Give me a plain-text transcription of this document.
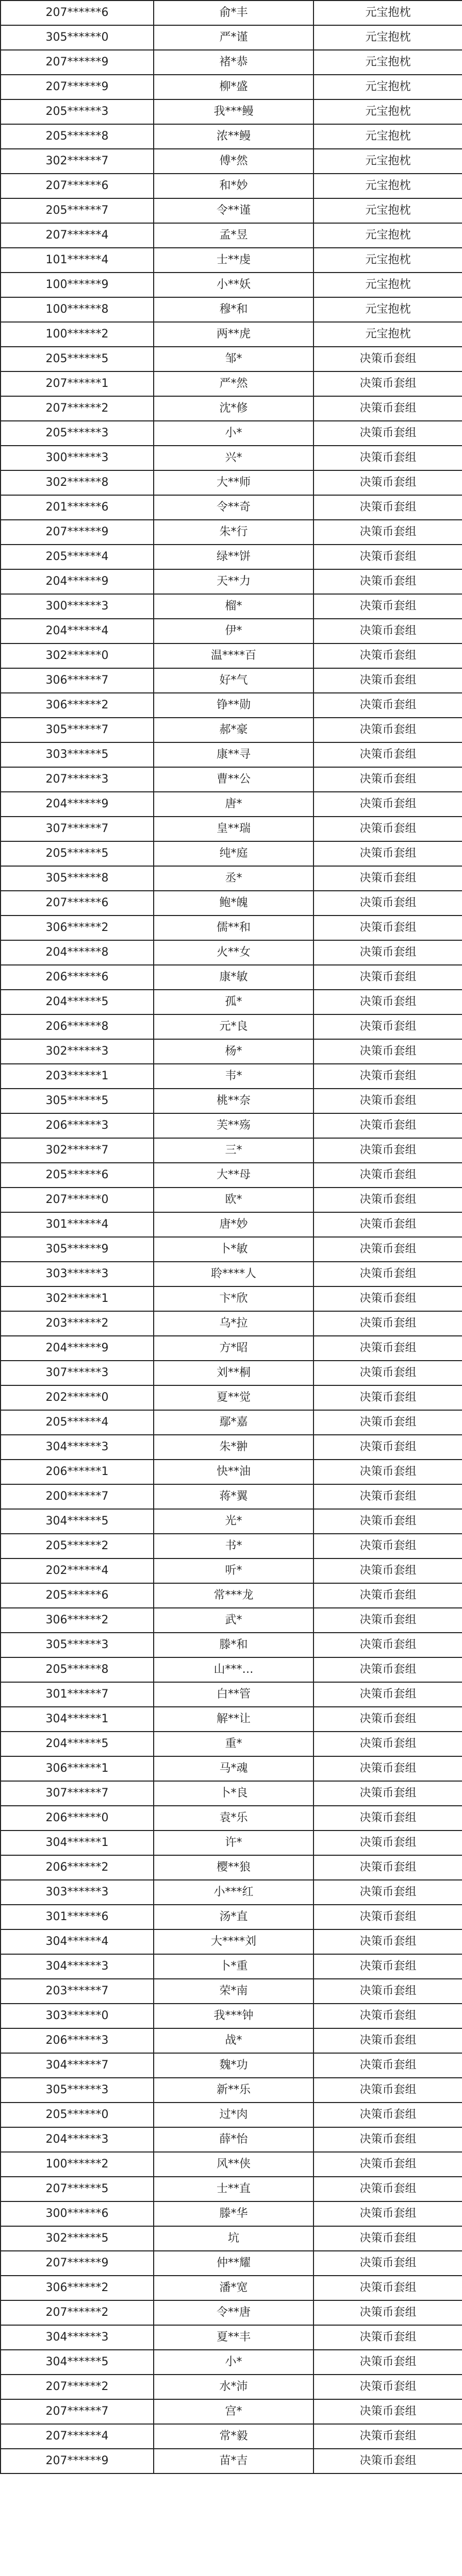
207******6	俞*丰	元宝抱枕
305******0	严*谨	元宝抱枕
207******9	褚*恭	元宝抱枕
207******9	柳*盛	元宝抱枕
205******3	我***鳗	元宝抱枕
205******8	浓**鳗	元宝抱枕
302******7	傅*然	元宝抱枕
207******6	和*妙	元宝抱枕
205******7	令**谨	元宝抱枕
207******4	孟*昱	元宝抱枕
101******4	士**虔	元宝抱枕
100******9	小**妖	元宝抱枕
100******8	穆*和	元宝抱枕
100******2	两**虎	元宝抱枕
205******5	邹*	决策币套组
207******1	严*然	决策币套组
207******2	沈*修	决策币套组
205******3	小*	决策币套组
300******3	兴*	决策币套组
302******8	大**师	决策币套组
201******6	令**奇	决策币套组
207******9	朱*行	决策币套组
205******4	绿**饼	决策币套组
204******9	天**力	决策币套组
300******3	榴*	决策币套组
204******4	伊*	决策币套组
302******0	温****百	决策币套组
306******7	好*气	决策币套组
306******2	铮**勋	决策币套组
305******7	郝*豪	决策币套组
303******5	康**寻	决策币套组
207******3	曹**公	决策币套组
204******9	唐*	决策币套组
307******7	皇**瑞	决策币套组
205******5	纯*庭	决策币套组
305******8	丞*	决策币套组
207******6	鲍*魄	决策币套组
306******2	儒**和	决策币套组
204******8	火**女	决策币套组
206******6	康*敏	决策币套组
204******5	孤*	决策币套组
206******8	元*良	决策币套组
302******3	杨*	决策币套组
203******1	韦*	决策币套组
305******5	桃**奈	决策币套组
206******3	芙**殇	决策币套组
302******7	三*	决策币套组
205******6	大**母	决策币套组
207******0	欧*	决策币套组
301******4	唐*妙	决策币套组
305******9	卜*敏	决策币套组
303******3	聆****人	决策币套组
302******1	卞*欣	决策币套组
203******2	乌*拉	决策币套组
204******9	方*昭	决策币套组
307******3	刘**桐	决策币套组
202******0	夏**觉	决策币套组
205******4	鄢*嘉	决策币套组
304******3	朱*翀	决策币套组
206******1	快**油	决策币套组
200******7	蒋*翼	决策币套组
304******5	光*	决策币套组
205******2	书*	决策币套组
202******4	听*	决策币套组
205******6	常***龙	决策币套组
306******2	武*	决策币套组
305******3	滕*和	决策币套组
205******8	山***…	决策币套组
301******7	白**管	决策币套组
304******1	解**让	决策币套组
204******5	重*	决策币套组
306******1	马*魂	决策币套组
307******7	卜*良	决策币套组
206******0	袁*乐	决策币套组
304******1	许*	决策币套组
206******2	樱**狼	决策币套组
303******3	小***红	决策币套组
301******6	汤*直	决策币套组
304******4	大****刘	决策币套组
304******3	卜*重	决策币套组
203******7	荣*南	决策币套组
303******0	我***钟	决策币套组
206******3	战*	决策币套组
304******7	魏*功	决策币套组
305******3	新**乐	决策币套组
205******0	过*肉	决策币套组
204******3	薛*怡	决策币套组
100******2	风**侠	决策币套组
207******5	士**直	决策币套组
300******6	滕*华	决策币套组
302******5	坑	决策币套组
207******9	仲**耀	决策币套组
306******2	潘*宽	决策币套组
207******2	令**唐	决策币套组
304******3	夏**丰	决策币套组
304******5	小*	决策币套组
207******2	水*沛	决策币套组
207******7	宫*	决策币套组
207******4	常*毅	决策币套组
207******9	苗*吉	决策币套组
